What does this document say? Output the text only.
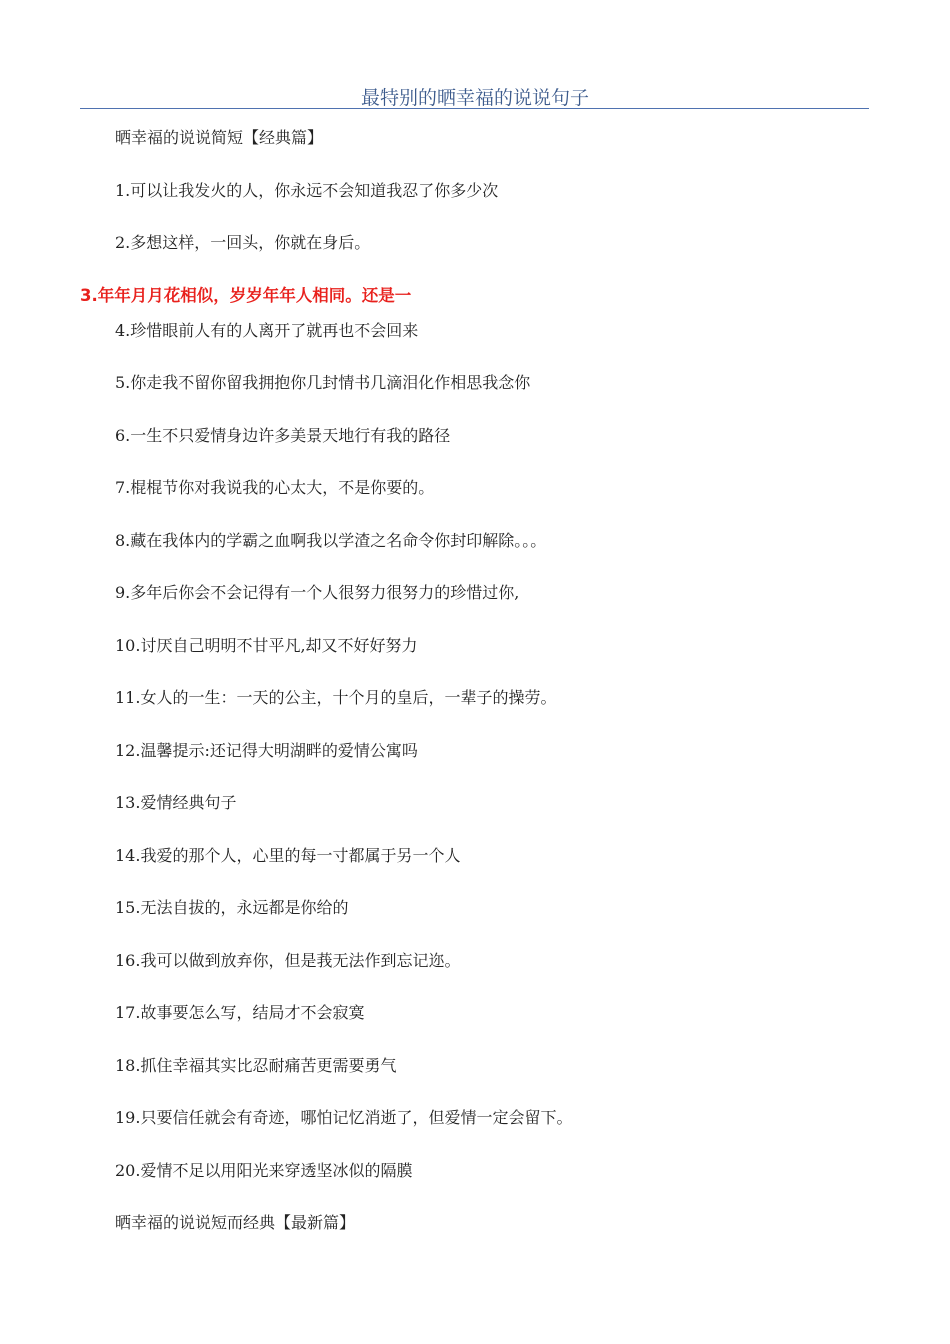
最特别的晒幸福的说说句子
晒幸福的说说简短【经典篇】
1.可以让我发火的人，你永远不会知道我忍了你多少次
2.多想这样，一回头，你就在身后。
3.年年月月花相似，岁岁年年人相同。还是一
4.珍惜眼前人有的人离开了就再也不会回来
5.你走我不留你留我拥抱你几封情书几滴泪化作相思我念你
6.一生不只爱情身边许多美景天地行有我的路径
7.棍棍节你对我说我的心太大，不是你要的。
8.藏在我体内的学霸之血啊我以学渣之名命令你封印解除。。。
9.多年后你会不会记得有一个人很努力很努力的珍惜过你,
10.讨厌自己明明不甘平凡,却又不好好努力
11.女人的一生：一天的公主，十个月的皇后，一辈子的操劳。
12.温馨提示:还记得大明湖畔的爱情公寓吗
13.爱情经典句子
14.我爱的那个人，心里的每一寸都属于另一个人
15.无法自拔的，永远都是你给的
16.我可以做到放弃你，但是莪无法作到忘记迩。
17.故事要怎么写，结局才不会寂寞
18.抓住幸福其实比忍耐痛苦更需要勇气
19.只要信任就会有奇迹，哪怕记忆消逝了，但爱情一定会留下。
20.爱情不足以用阳光来穿透坚冰似的隔膜
晒幸福的说说短而经典【最新篇】
